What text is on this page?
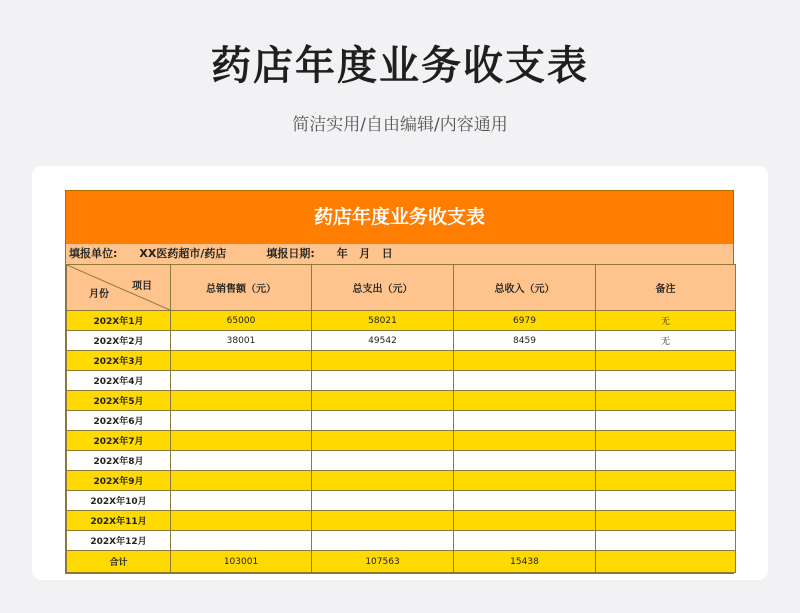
药店年度业务收支表
简洁实用/自由编辑/内容通用
药店年度业务收支表
填报单位: XX医药超市/药店	填报日期: 年   月   日
项目
月份	总销售额（元）	总支出（元）	总收入（元）	备注
202X年1月	65000	58021	6979	无
202X年2月	38001	49542	8459	无
202X年3月				
202X年4月				
202X年5月				
202X年6月				
202X年7月				
202X年8月				
202X年9月				
202X年10月				
202X年11月				
202X年12月				
合计	103001	107563	15438	
